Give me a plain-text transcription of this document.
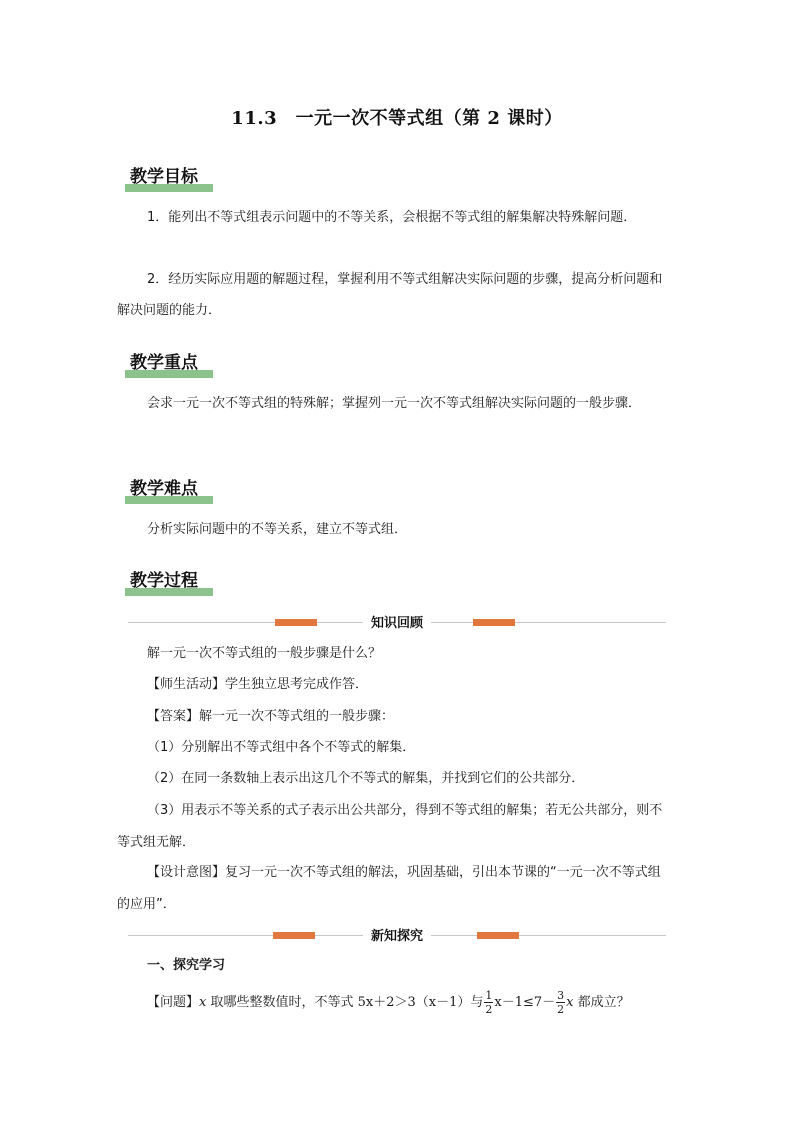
11.3　一元一次不等式组（第 2 课时）
教学目标
1．能列出不等式组表示问题中的不等关系，会根据不等式组的解集解决特殊解问题．
2．经历实际应用题的解题过程，掌握利用不等式组解决实际问题的步骤，提高分析问题和解决问题的能力．
教学重点
会求一元一次不等式组的特殊解；掌握列一元一次不等式组解决实际问题的一般步骤．
教学难点
分析实际问题中的不等关系，建立不等式组．
教学过程
知识回顾
解一元一次不等式组的一般步骤是什么？
【师生活动】学生独立思考完成作答．
【答案】解一元一次不等式组的一般步骤：
（1）分别解出不等式组中各个不等式的解集．
（2）在同一条数轴上表示出这几个不等式的解集，并找到它们的公共部分．
（3）用表示不等关系的式子表示出公共部分，得到不等式组的解集；若无公共部分，则不等式组无解．
【设计意图】复习一元一次不等式组的解法，巩固基础，引出本节课的“一元一次不等式组的应用”．
新知探究
一、探究学习
【问题】x 取哪些整数值时，不等式 5x＋2＞3（x－1）与 $\frac{1}{2} x-1\le 7- \frac{3}{2}$ x 都成立？
